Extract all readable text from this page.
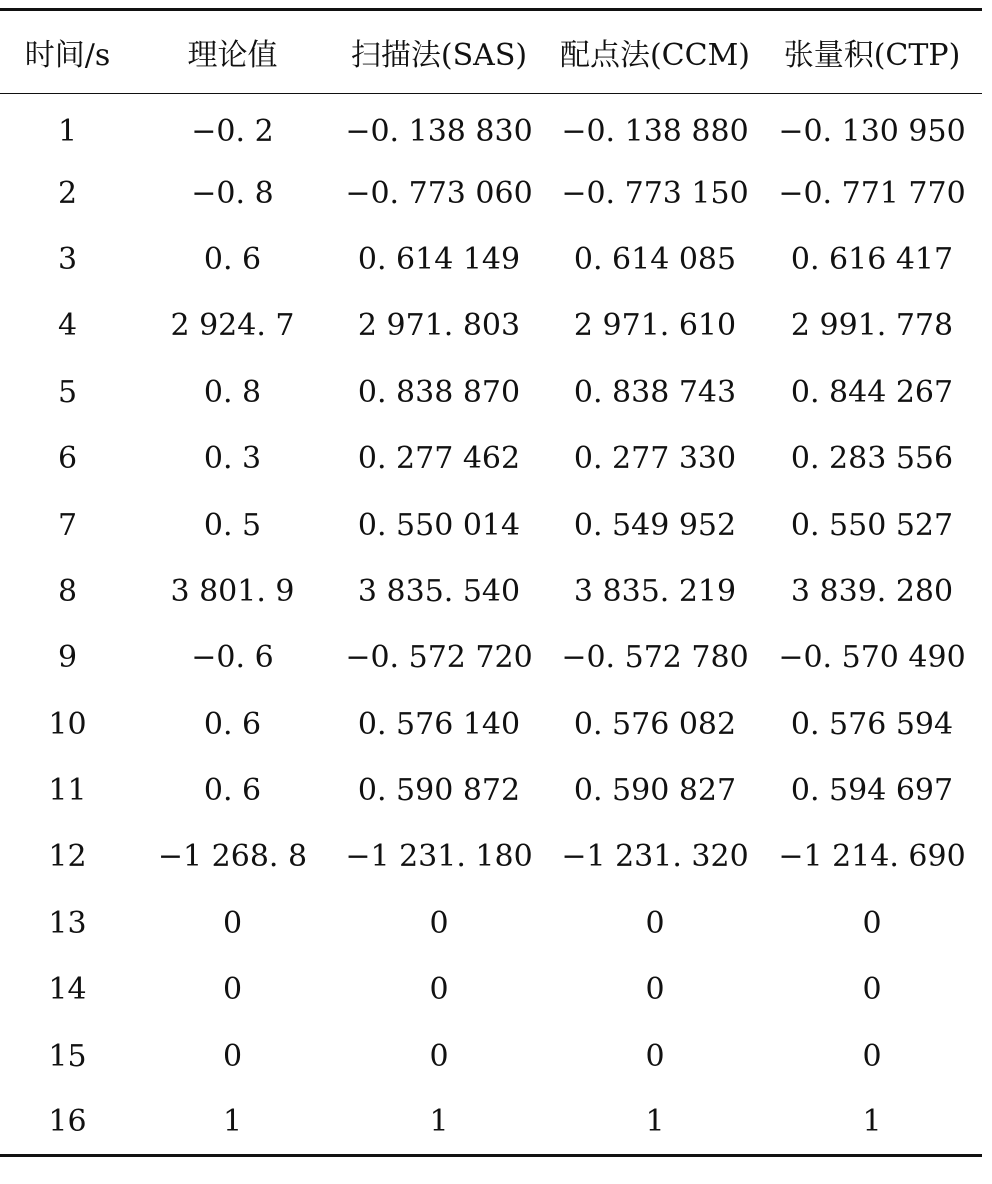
时间/s	理论值	扫描法(SAS)	配点法(CCM)	张量积(CTP)
1	−0. 2	−0. 138 830	−0. 138 880	−0. 130 950
2	−0. 8	−0. 773 060	−0. 773 150	−0. 771 770
3	0. 6	0. 614 149	0. 614 085	0. 616 417
4	2 924. 7	2 971. 803	2 971. 610	2 991. 778
5	0. 8	0. 838 870	0. 838 743	0. 844 267
6	0. 3	0. 277 462	0. 277 330	0. 283 556
7	0. 5	0. 550 014	0. 549 952	0. 550 527
8	3 801. 9	3 835. 540	3 835. 219	3 839. 280
9	−0. 6	−0. 572 720	−0. 572 780	−0. 570 490
10	0. 6	0. 576 140	0. 576 082	0. 576 594
11	0. 6	0. 590 872	0. 590 827	0. 594 697
12	−1 268. 8	−1 231. 180	−1 231. 320	−1 214. 690
13	0	0	0	0
14	0	0	0	0
15	0	0	0	0
16	1	1	1	1
